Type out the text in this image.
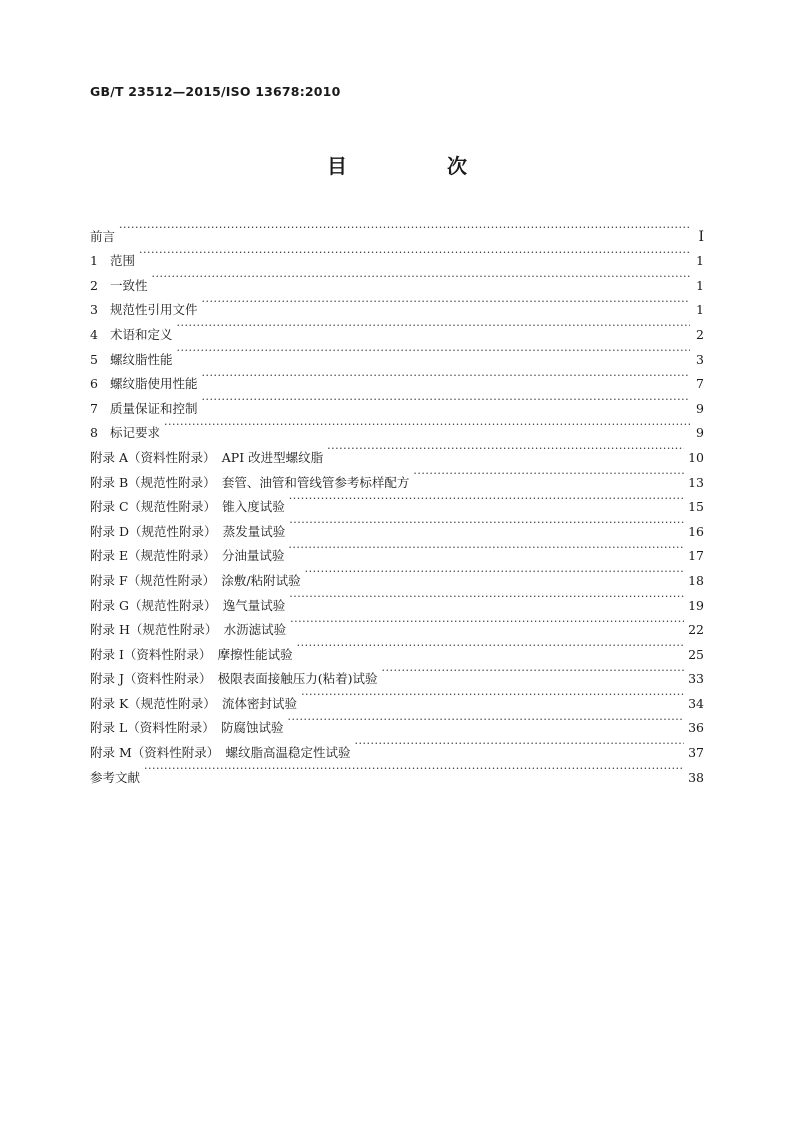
GB/T 23512—2015/ISO 13678:2010
目　次
前言 ·····	Ⅰ
1 范围 ·····	1
2 一致性 ·····	1
3 规范性引用文件 ·····	1
4 术语和定义 ·····	2
5 螺纹脂性能 ·····	3
6 螺纹脂使用性能 ·····	7
7 质量保证和控制 ·····	9
8 标记要求 ·····	9
附录 A（资料性附录）　API 改进型螺纹脂 ·····	10
附录 B（规范性附录）　套管、油管和管线管参考标样配方 ·····	13
附录 C（规范性附录）　锥入度试验 ·····	15
附录 D（规范性附录）　蒸发量试验 ·····	16
附录 E（规范性附录）　分油量试验 ·····	17
附录 F（规范性附录）　涂敷/粘附试验 ·····	18
附录 G（规范性附录）　逸气量试验 ·····	19
附录 H（规范性附录）　水沥滤试验 ·····	22
附录 I（资料性附录）　摩擦性能试验 ·····	25
附录 J（资料性附录）　极限表面接触压力(粘着)试验 ·····	33
附录 K（规范性附录）　流体密封试验 ·····	34
附录 L（资料性附录）　防腐蚀试验 ·····	36
附录 M（资料性附录）　螺纹脂高温稳定性试验 ·····	37
参考文献 ·····	38
